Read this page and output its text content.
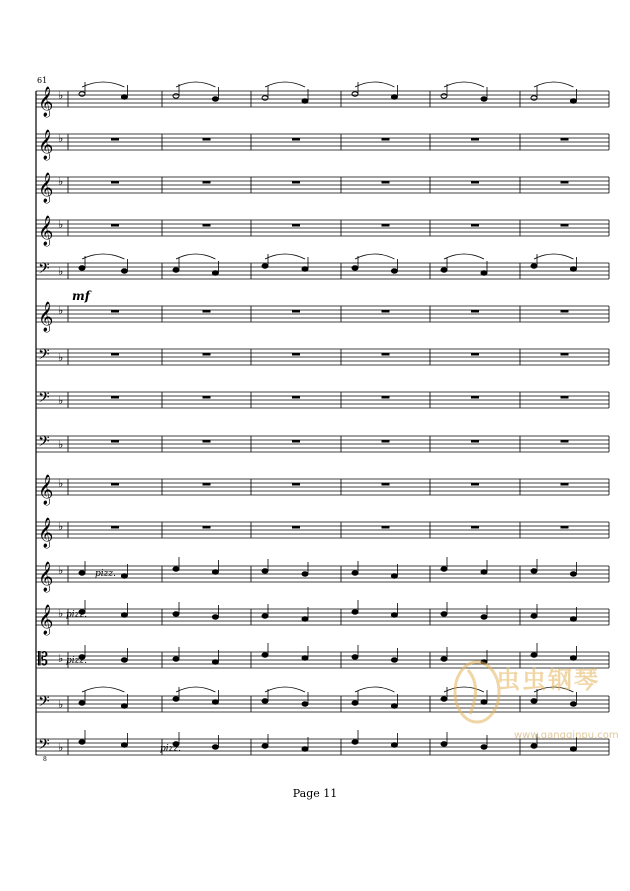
𝄞 ♭
𝄞 ♭
𝄞 ♭
𝄞 ♭
𝄢 ♭
𝄞 ♭
𝄢 ♭
𝄢 ♭
𝄢 ♭
𝄞 ♭
𝄞 ♭
𝄞 ♭
𝄞 ♭
𝄡 ♭
𝄢 ♭
𝄢
8
♭
61
pizz.
pizz.
pizz.
pizz.
mf
虫虫钢琴
www.gangqinpu.com
Page 11
